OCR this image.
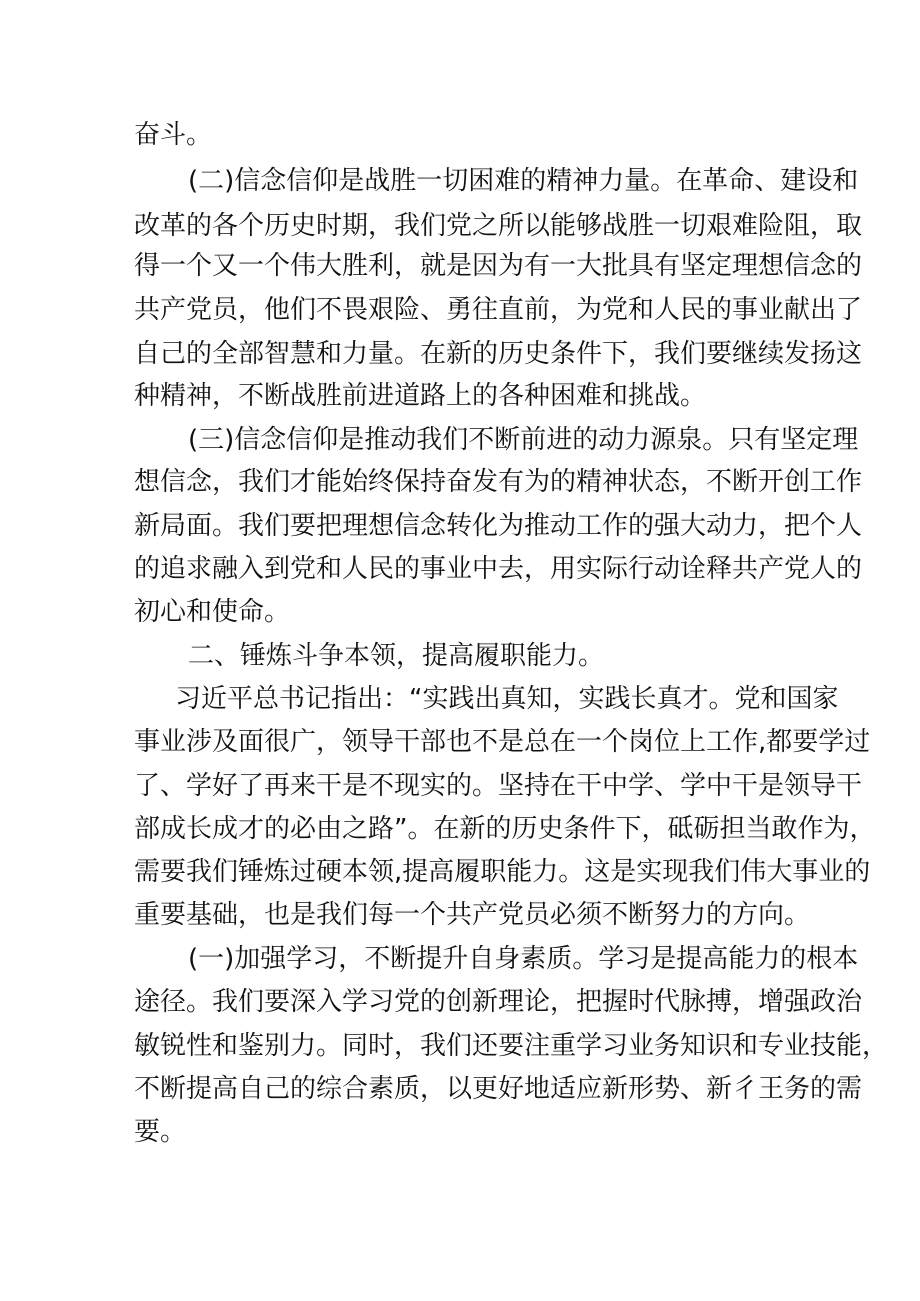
奋斗。
(二)信念信仰是战胜一切困难的精神力量。在革命、建设和
改革的各个历史时期，我们党之所以能够战胜一切艰难险阻，取
得一个又一个伟大胜利，就是因为有一大批具有坚定理想信念的
共产党员，他们不畏艰险、勇往直前，为党和人民的事业献出了
自己的全部智慧和力量。在新的历史条件下，我们要继续发扬这
种精神，不断战胜前进道路上的各种困难和挑战。
(三)信念信仰是推动我们不断前进的动力源泉。只有坚定理
想信念，我们才能始终保持奋发有为的精神状态，不断开创工作
新局面。我们要把理想信念转化为推动工作的强大动力，把个人
的追求融入到党和人民的事业中去，用实际行动诠释共产党人的
初心和使命。
二、锤炼斗争本领，提高履职能力。
习近平总书记指出：“实践出真知，实践长真才。党和国家
事业涉及面很广，领导干部也不是总在一个岗位上工作,都要学过
了、学好了再来干是不现实的。坚持在干中学、学中干是领导干
部成长成才的必由之路”。在新的历史条件下，砥砺担当敢作为，
需要我们锤炼过硬本领,提高履职能力。这是实现我们伟大事业的
重要基础，也是我们每一个共产党员必须不断努力的方向。
(一)加强学习，不断提升自身素质。学习是提高能力的根本
途径。我们要深入学习党的创新理论，把握时代脉搏，增强政治
敏锐性和鉴别力。同时，我们还要注重学习业务知识和专业技能，
不断提高自己的综合素质，以更好地适应新形势、新彳王务的需
要。
